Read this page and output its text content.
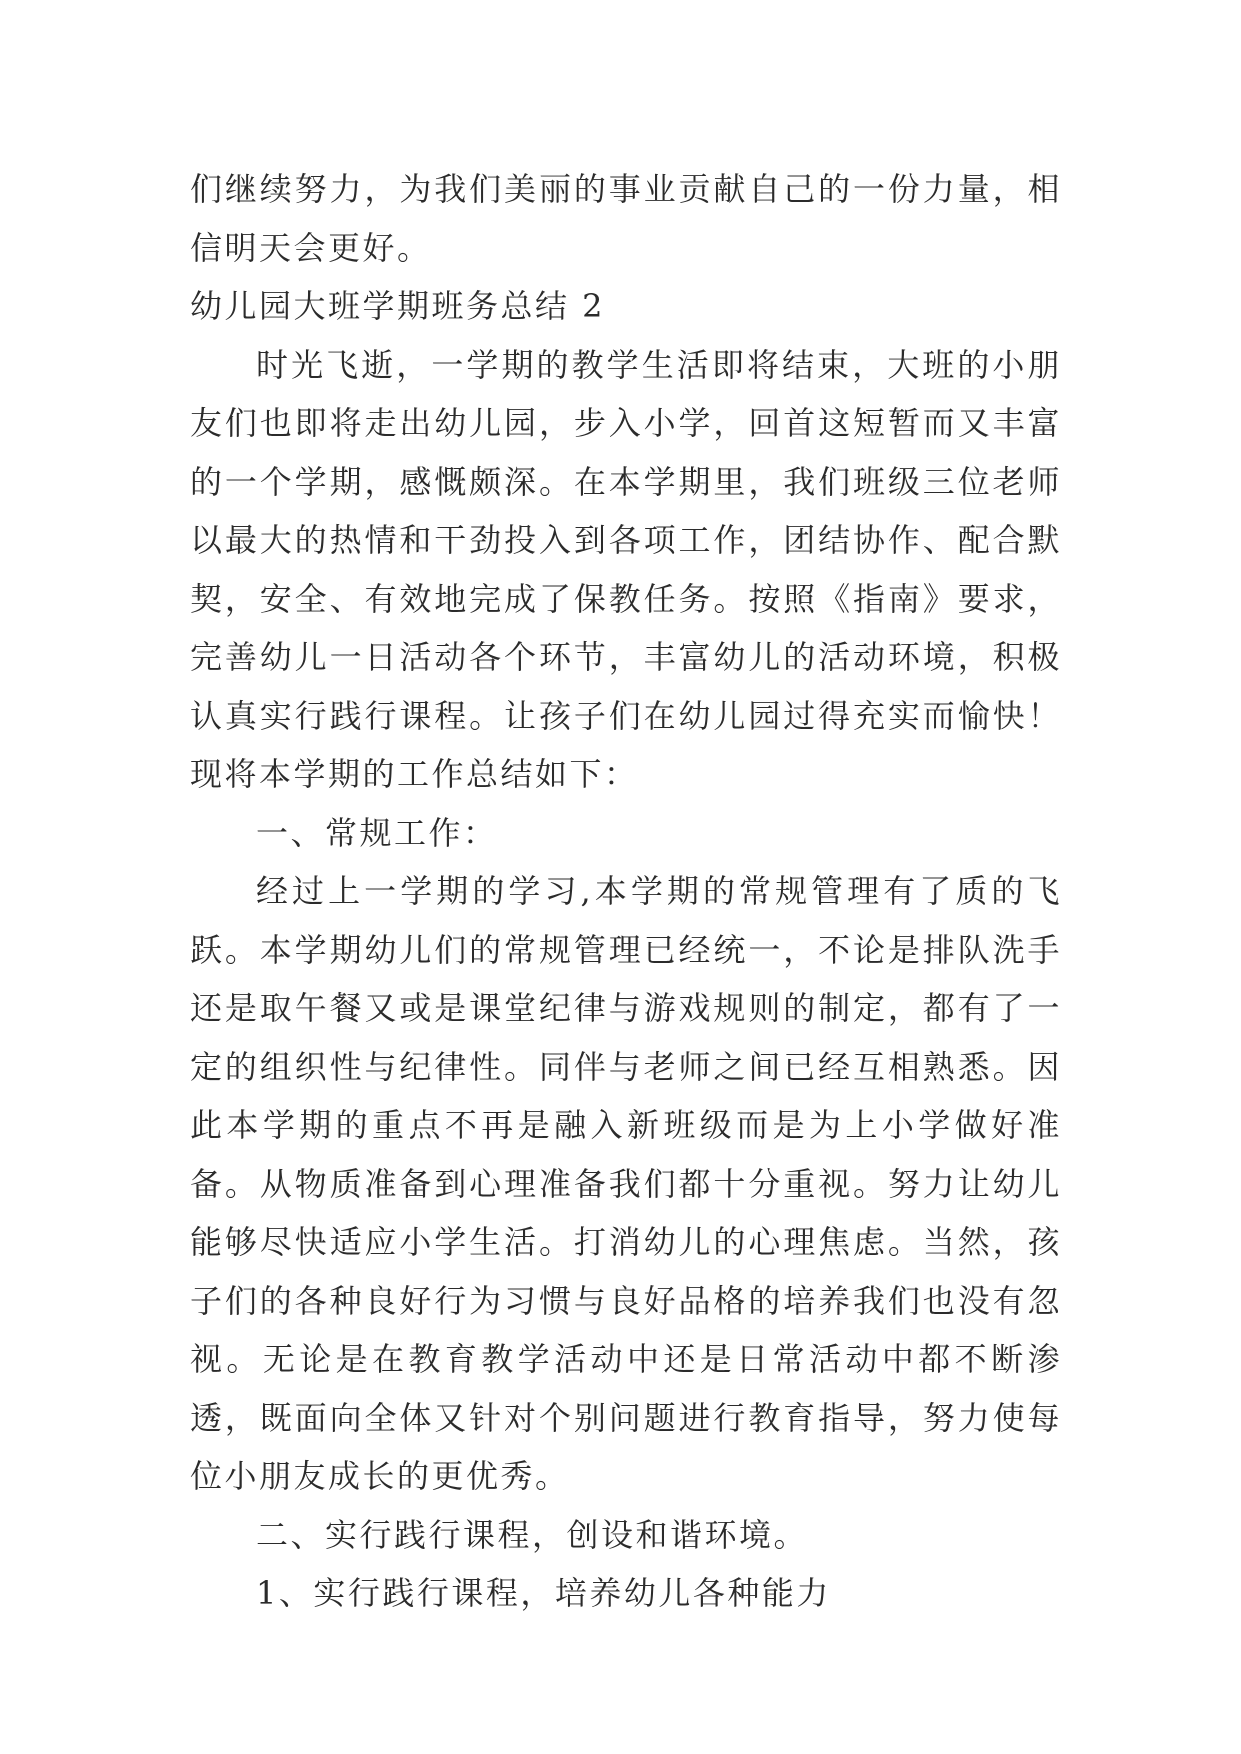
们继续努力，为我们美丽的事业贡献自己的一份力量，相信明天会更好。

幼儿园大班学期班务总结 2

时光飞逝，一学期的教学生活即将结束，大班的小朋友们也即将走出幼儿园，步入小学，回首这短暂而又丰富的一个学期，感慨颇深。在本学期里，我们班级三位老师以最大的热情和干劲投入到各项工作，团结协作、配合默契，安全、有效地完成了保教任务。按照《指南》要求，完善幼儿一日活动各个环节，丰富幼儿的活动环境，积极认真实行践行课程。让孩子们在幼儿园过得充实而愉快！现将本学期的工作总结如下：

一、常规工作：

经过上一学期的学习,本学期的常规管理有了质的飞跃。本学期幼儿们的常规管理已经统一，不论是排队洗手还是取午餐又或是课堂纪律与游戏规则的制定，都有了一定的组织性与纪律性。同伴与老师之间已经互相熟悉。因此本学期的重点不再是融入新班级而是为上小学做好准备。从物质准备到心理准备我们都十分重视。努力让幼儿能够尽快适应小学生活。打消幼儿的心理焦虑。当然，孩子们的各种良好行为习惯与良好品格的培养我们也没有忽视。无论是在教育教学活动中还是日常活动中都不断渗透，既面向全体又针对个别问题进行教育指导，努力使每位小朋友成长的更优秀。

二、实行践行课程，创设和谐环境。

1、实行践行课程，培养幼儿各种能力
